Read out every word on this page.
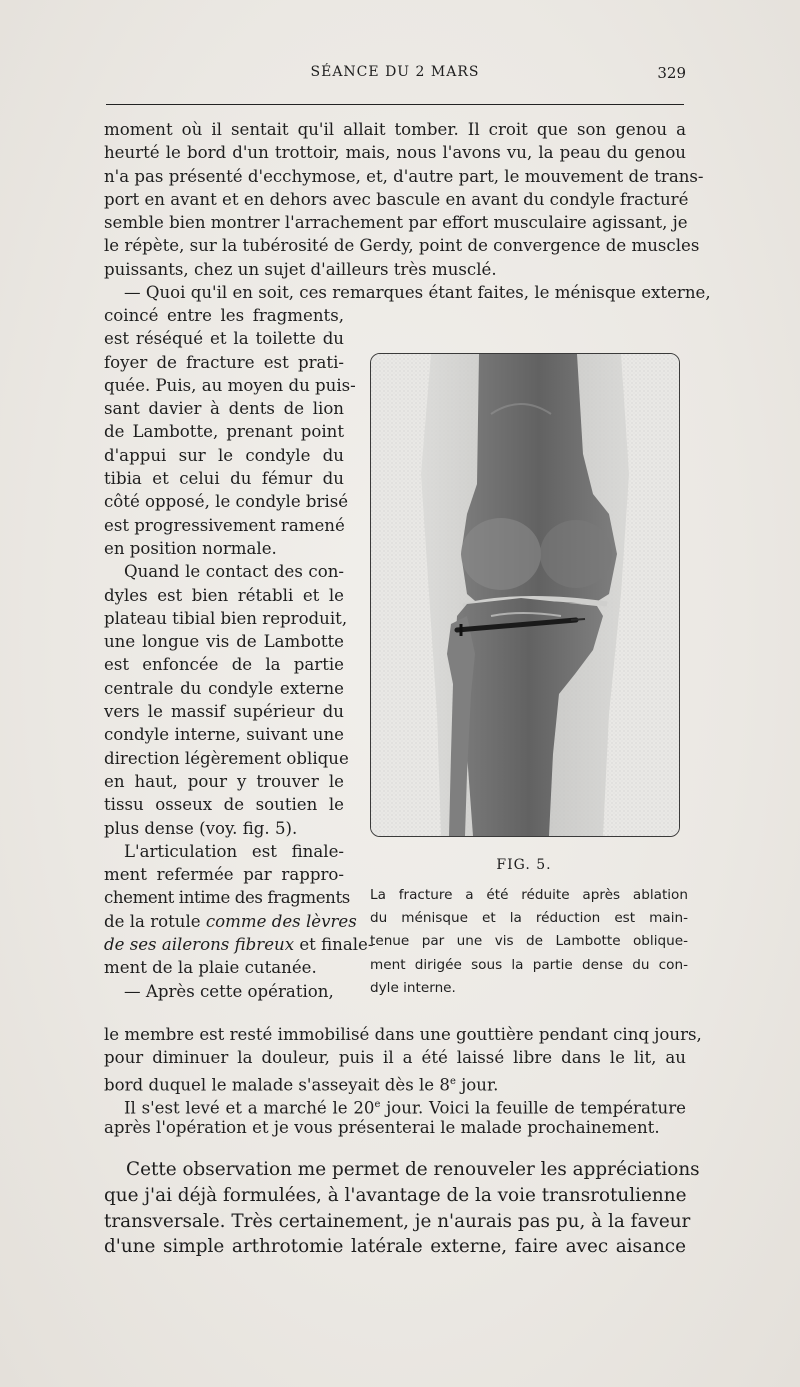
SÉANCE DU 2 MARS	329
moment où il sentait qu'il allait tomber. Il croit que son genou a
heurté le bord d'un trottoir, mais, nous l'avons vu, la peau du genou
n'a pas présenté d'ecchymose, et, d'autre part, le mouvement de trans-
port en avant et en dehors avec bascule en avant du condyle fracturé
semble bien montrer l'arrachement par effort musculaire agissant, je
le répète, sur la tubérosité de Gerdy, point de convergence de muscles
puissants, chez un sujet d'ailleurs très musclé.
— Quoi qu'il en soit, ces remarques étant faites, le ménisque externe,
coincé entre les fragments,
est réséqué et la toilette du
foyer de fracture est prati-
quée. Puis, au moyen du puis-
sant davier à dents de lion
de Lambotte, prenant point
d'appui sur le condyle du
tibia et celui du fémur du
côté opposé, le condyle brisé
est progressivement ramené
en position normale.
Quand le contact des con-
dyles est bien rétabli et le
plateau tibial bien reproduit,
une longue vis de Lambotte
est enfoncée de la partie
centrale du condyle externe
vers le massif supérieur du
condyle interne, suivant une
direction légèrement oblique
en haut, pour y trouver le
tissu osseux de soutien le
plus dense (voy. fig. 5).
L'articulation est finale-
ment refermée par rappro-
chement intime des fragments
de la rotule comme des lèvres
de ses ailerons fibreux et finale-
ment de la plaie cutanée.
— Après cette opération,
FIG. 5.
La fracture a été réduite après ablation
du ménisque et la réduction est main-
tenue par une vis de Lambotte oblique-
ment dirigée sous la partie dense du con-
dyle interne.
le membre est resté immobilisé dans une gouttière pendant cinq jours,
pour diminuer la douleur, puis il a été laissé libre dans le lit, au
bord duquel le malade s'asseyait dès le 8e jour.
Il s'est levé et a marché le 20e jour. Voici la feuille de température
après l'opération et je vous présenterai le malade prochainement.
Cette observation me permet de renouveler les appréciations
que j'ai déjà formulées, à l'avantage de la voie transrotulienne
transversale. Très certainement, je n'aurais pas pu, à la faveur
d'une simple arthrotomie latérale externe, faire avec aisance
